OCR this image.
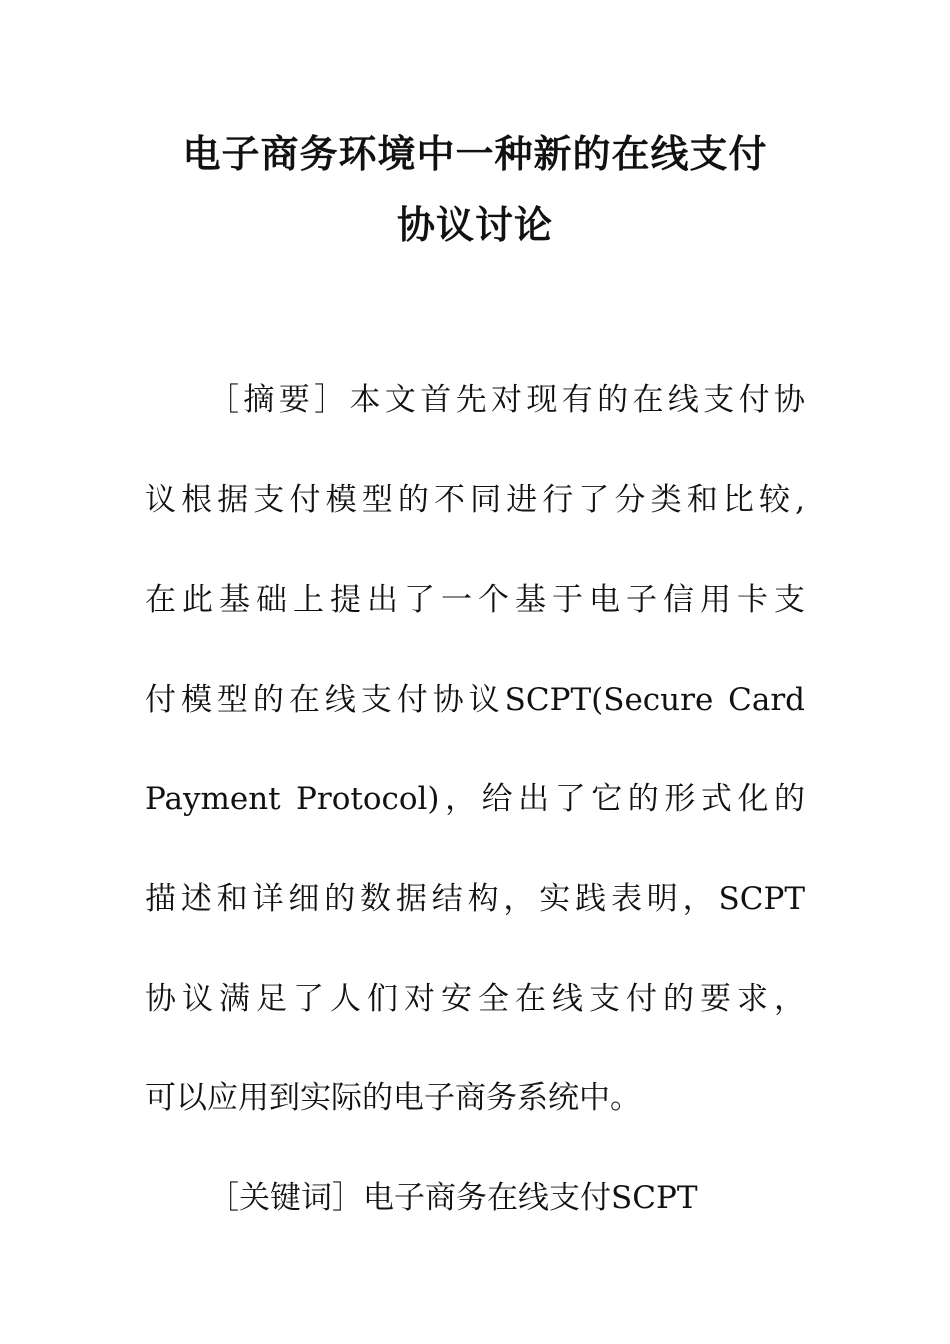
电子商务环境中一种新的在线支付
协议讨论
［摘要］本文首先对现有的在线支付协
议根据支付模型的不同进行了分类和比较,
在此基础上提出了一个基于电子信用卡支
付模型的在线支付协议SCPT(Secure Card
Payment Protocol)，给出了它的形式化的
描述和详细的数据结构，实践表明，SCPT
协议满足了人们对安全在线支付的要求，
可以应用到实际的电子商务系统中。
［关键词］电子商务在线支付SCPT
